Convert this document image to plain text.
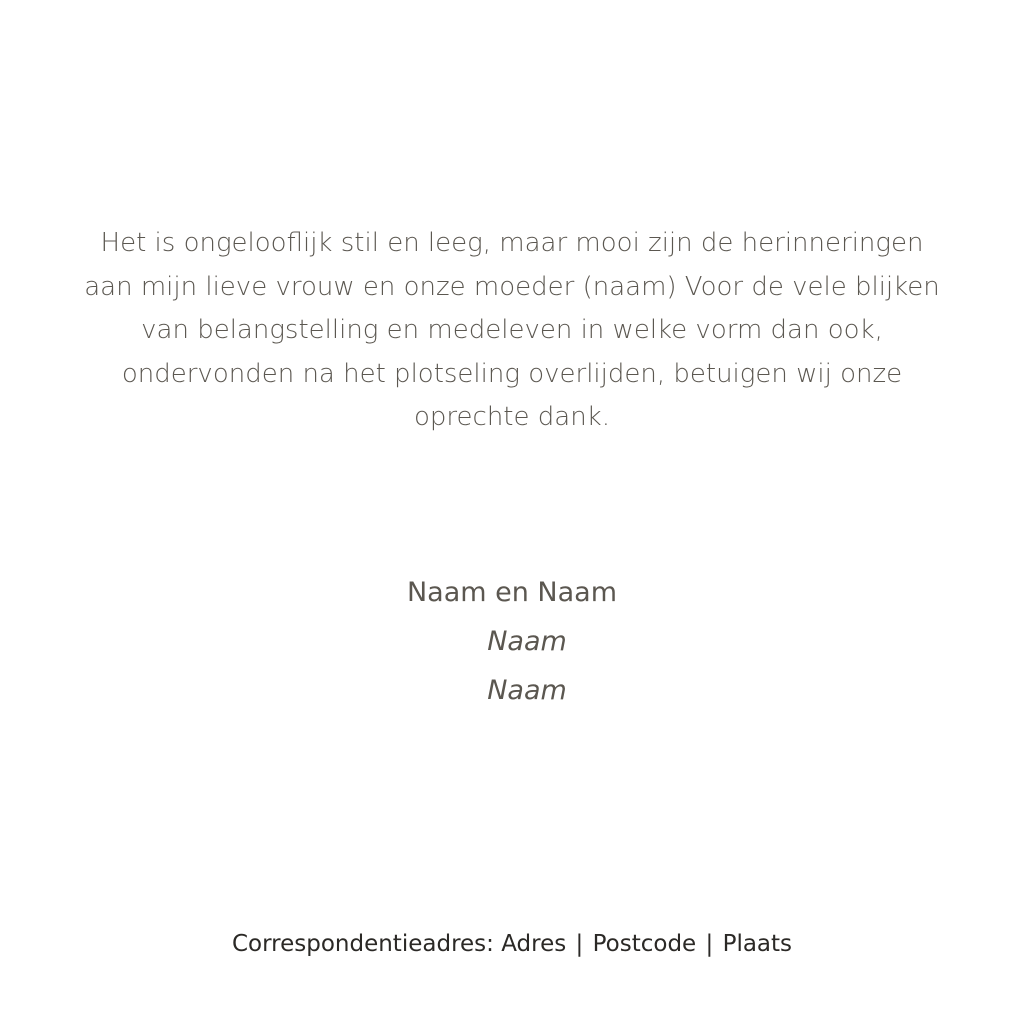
Het is ongelooflijk stil en leeg, maar mooi zijn de herinneringen
aan mijn lieve vrouw en onze moeder (naam) Voor de vele blijken
van belangstelling en medeleven in welke vorm dan ook,
ondervonden na het plotseling overlijden, betuigen wij onze
oprechte dank.
Naam en Naam
Naam
Naam
Correspondentieadres: Adres | Postcode | Plaats
